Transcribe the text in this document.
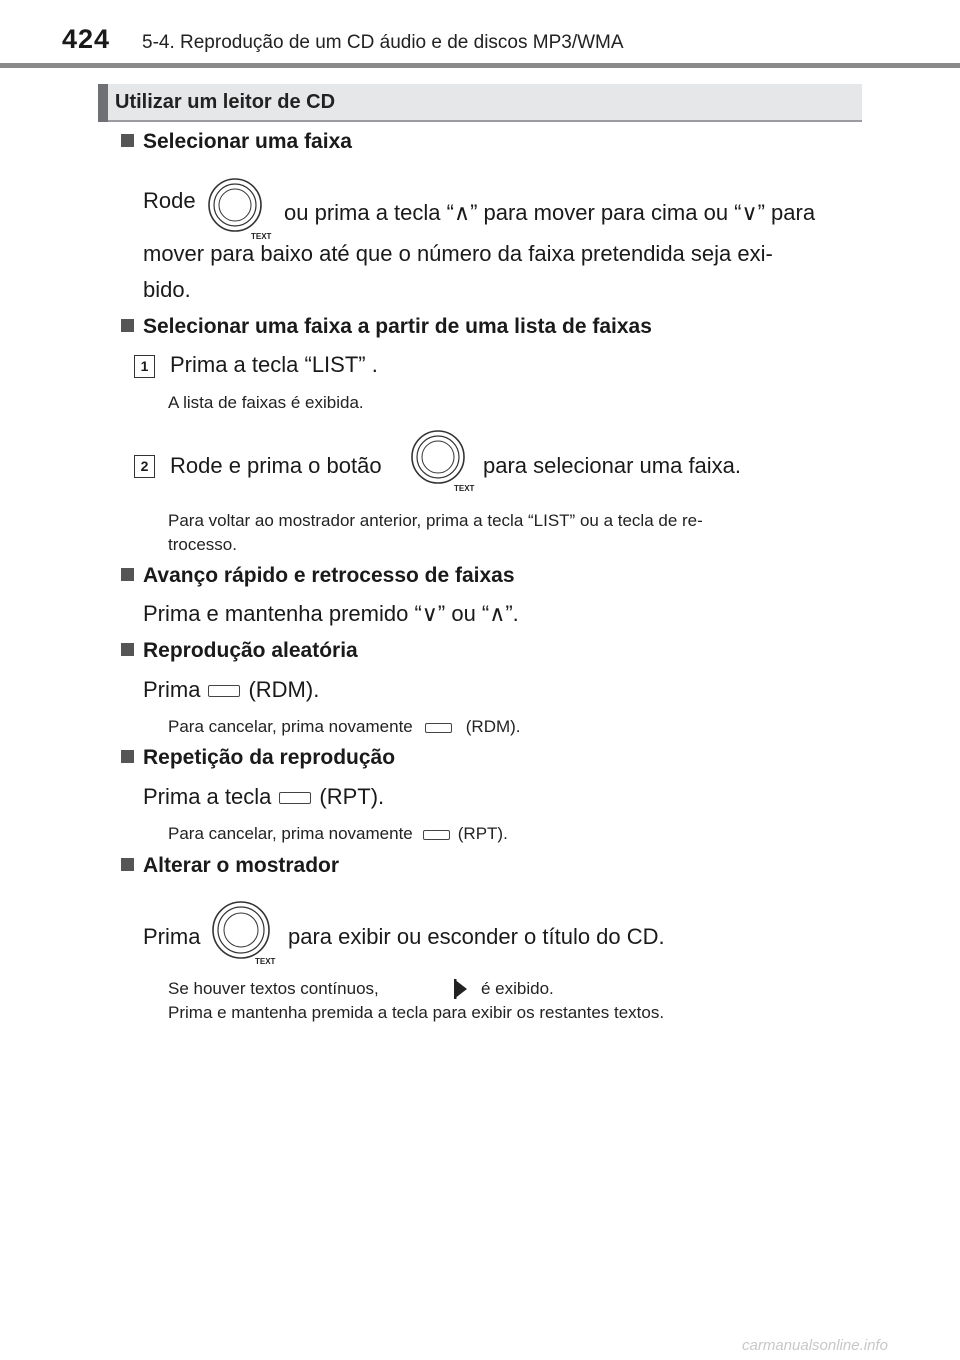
424 5-4. Reprodução de um CD áudio e de discos MP3/WMA
Utilizar um leitor de CD
Selecionar uma faixa
Rode
TEXT
ou prima a tecla “∧” para mover para cima ou “∨” para
mover para baixo até que o número da faixa pretendida seja exi-
bido.
Selecionar uma faixa a partir de uma lista de faixas
1 Prima a tecla “LIST” .
A lista de faixas é exibida.
2 Rode e prima o botão
TEXT
para selecionar uma faixa.
Para voltar ao mostrador anterior, prima a tecla “LIST” ou a tecla de re-
trocesso.
Avanço rápido e retrocesso de faixas
Prima e mantenha premido “∨” ou “∧”.
Reprodução aleatória
Prima (RDM).
Para cancelar, prima novamente	(RDM).
Repetição da reprodução
Prima a tecla (RPT).
Para cancelar, prima novamente	(RPT).
Alterar o mostrador
Prima
TEXT
para exibir ou esconder o título do CD.
Se houver textos contínuos,	é exibido.
Prima e mantenha premida a tecla para exibir os restantes textos.
carmanualsonline.info
